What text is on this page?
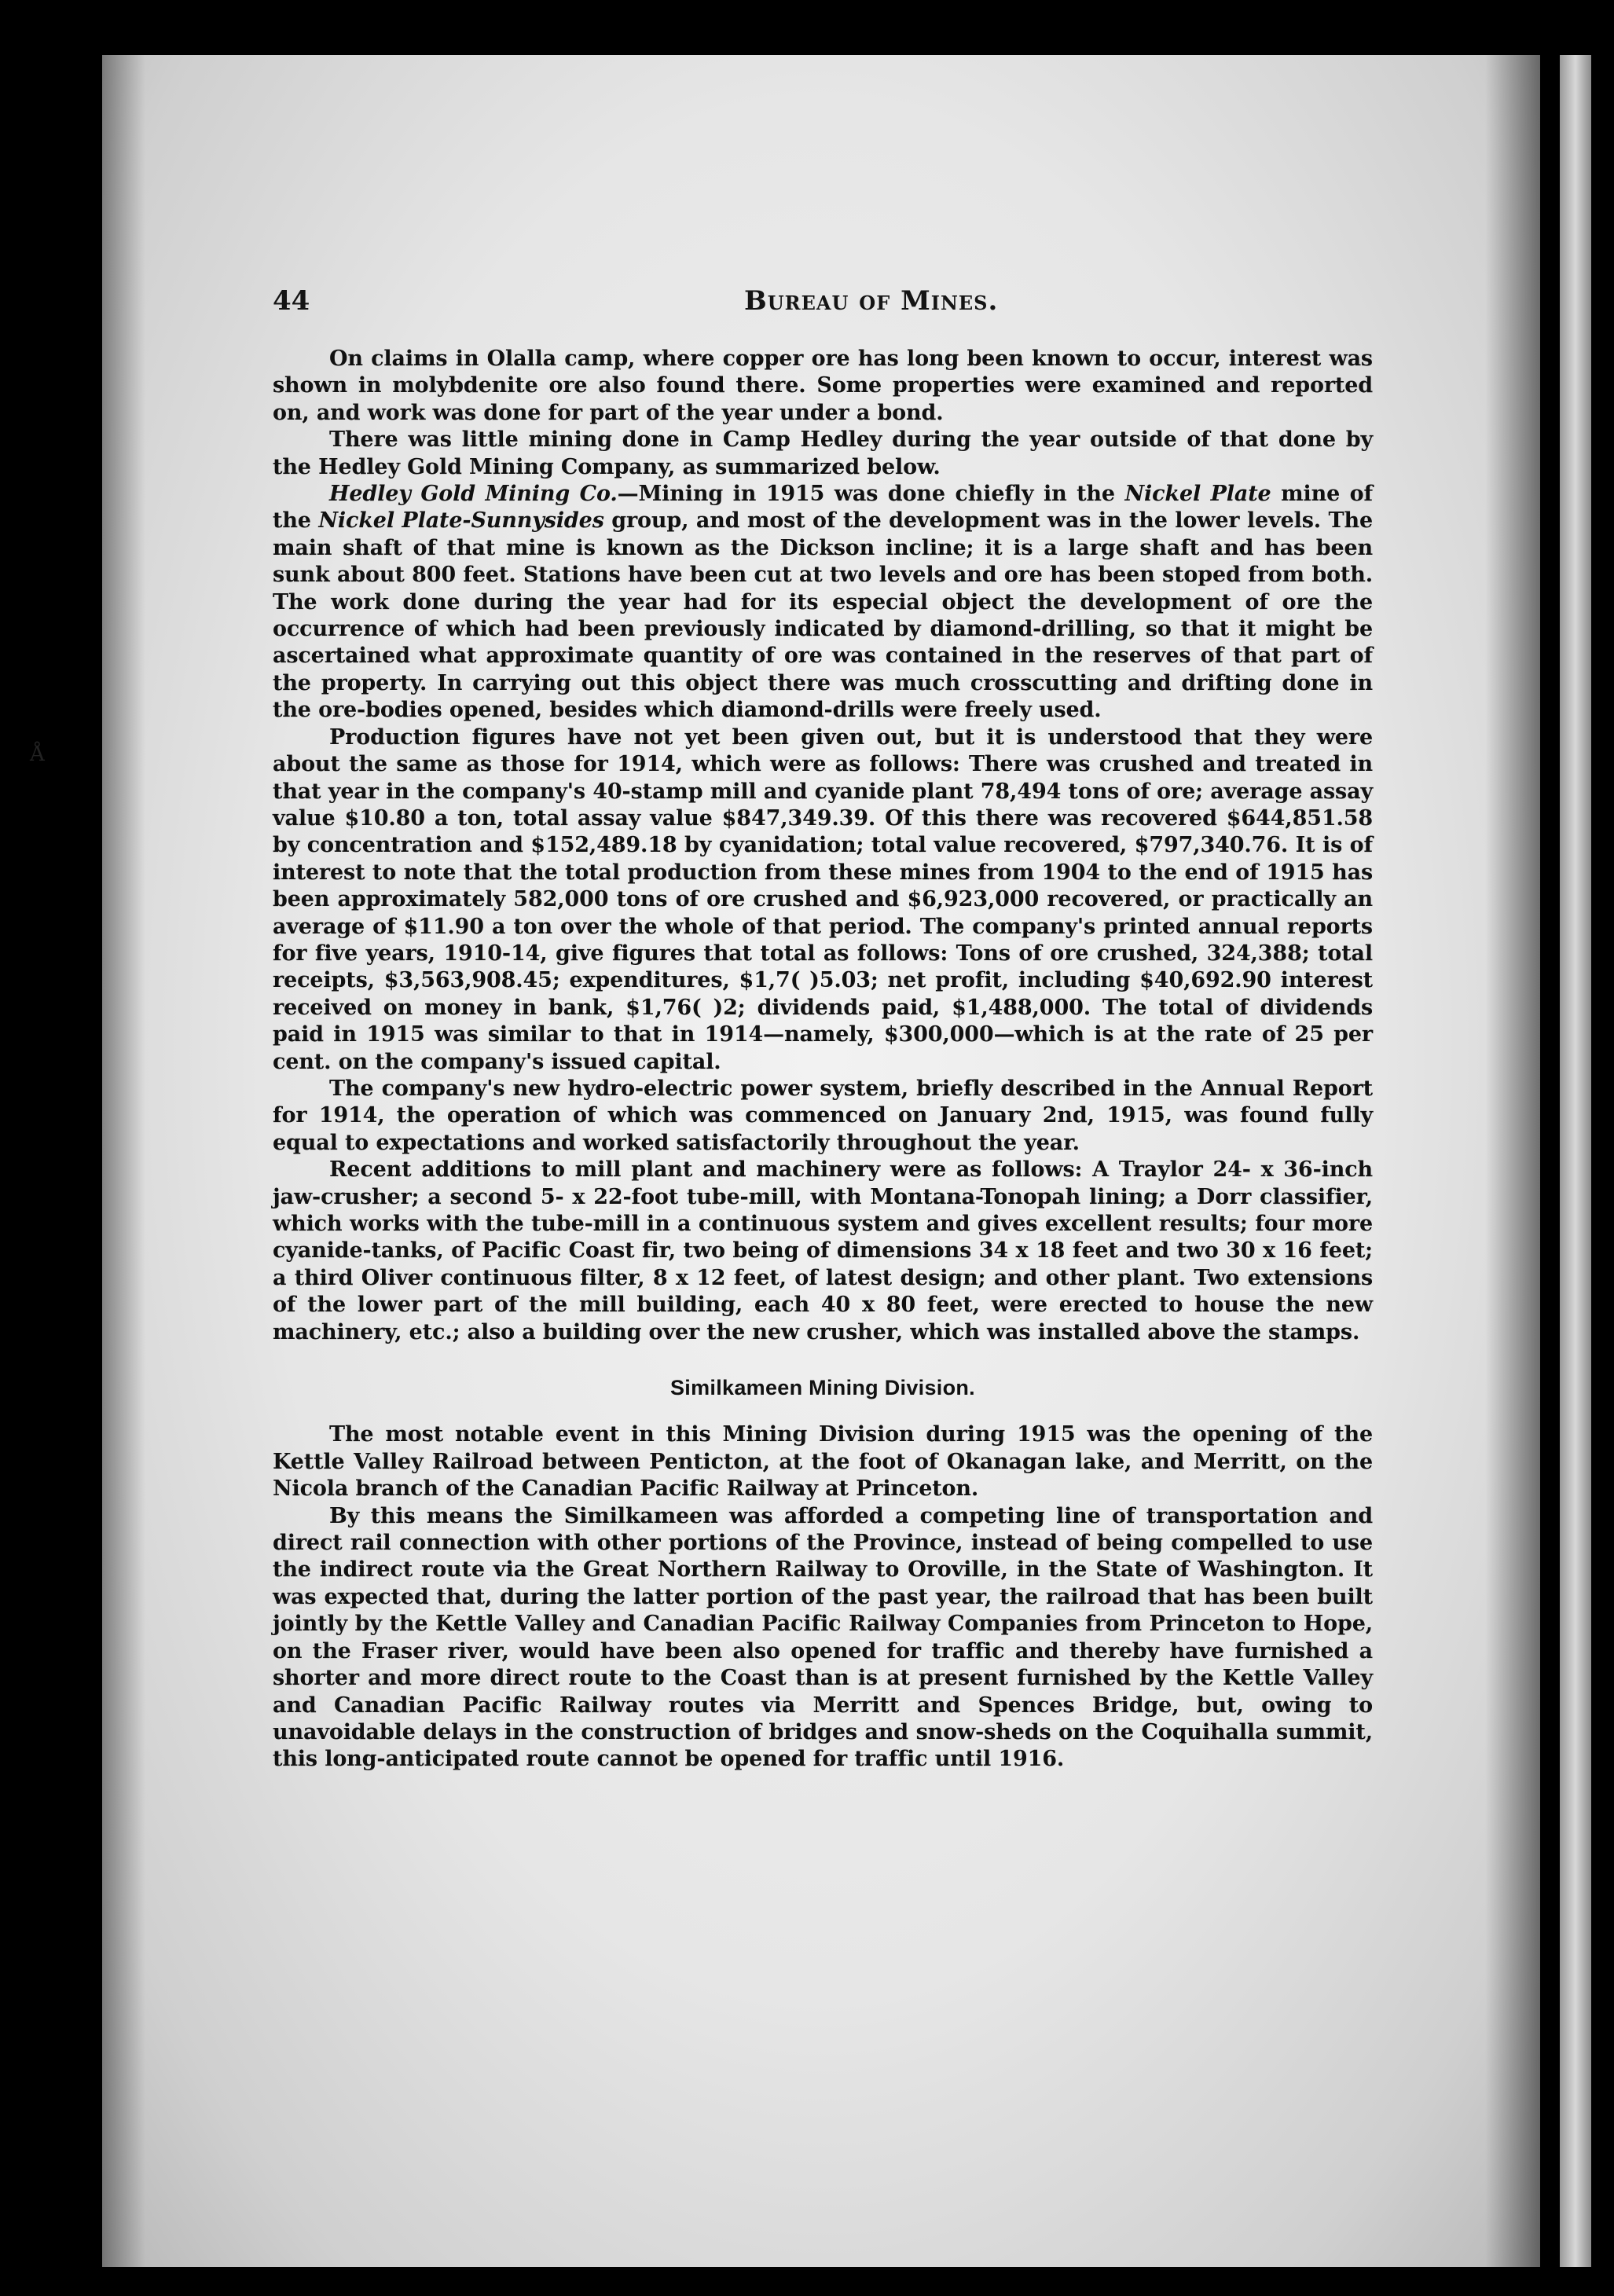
Å
44	Bureau of Mines.

On claims in Olalla camp, where copper ore has long been known to occur, interest was shown in molybdenite ore also found there. Some properties were examined and reported on, and work was done for part of the year under a bond.

There was little mining done in Camp Hedley during the year outside of that done by the Hedley Gold Mining Company, as summarized below.

Hedley Gold Mining Co.—Mining in 1915 was done chiefly in the Nickel Plate mine of the Nickel Plate-Sunnysides group, and most of the development was in the lower levels. The main shaft of that mine is known as the Dickson incline; it is a large shaft and has been sunk about 800 feet. Stations have been cut at two levels and ore has been stoped from both. The work done during the year had for its especial object the development of ore the occurrence of which had been previously indicated by diamond-drilling, so that it might be ascertained what approximate quantity of ore was contained in the reserves of that part of the property. In carrying out this object there was much crosscutting and drifting done in the ore-bodies opened, besides which diamond-drills were freely used.

Production figures have not yet been given out, but it is understood that they were about the same as those for 1914, which were as follows: There was crushed and treated in that year in the company's 40-stamp mill and cyanide plant 78,494 tons of ore; average assay value $10.80 a ton, total assay value $847,349.39. Of this there was recovered $644,851.58 by concentration and $152,489.18 by cyanidation; total value recovered, $797,340.76. It is of interest to note that the total production from these mines from 1904 to the end of 1915 has been approximately 582,000 tons of ore crushed and $6,923,000 recovered, or practically an average of $11.90 a ton over the whole of that period. The company's printed annual reports for five years, 1910-14, give figures that total as follows: Tons of ore crushed, 324,388; total receipts, $3,563,908.45; expenditures, $1,7( )5.03; net profit, including $40,692.90 interest received on money in bank, $1,76( )2; dividends paid, $1,488,000. The total of dividends paid in 1915 was similar to that in 1914—namely, $300,000—which is at the rate of 25 per cent. on the company's issued capital.

The company's new hydro-electric power system, briefly described in the Annual Report for 1914, the operation of which was commenced on January 2nd, 1915, was found fully equal to expectations and worked satisfactorily throughout the year.

Recent additions to mill plant and machinery were as follows: A Traylor 24- x 36-inch jaw-crusher; a second 5- x 22-foot tube-mill, with Montana-Tonopah lining; a Dorr classifier, which works with the tube-mill in a continuous system and gives excellent results; four more cyanide-tanks, of Pacific Coast fir, two being of dimensions 34 x 18 feet and two 30 x 16 feet; a third Oliver continuous filter, 8 x 12 feet, of latest design; and other plant. Two extensions of the lower part of the mill building, each 40 x 80 feet, were erected to house the new machinery, etc.; also a building over the new crusher, which was installed above the stamps.

Similkameen Mining Division.

The most notable event in this Mining Division during 1915 was the opening of the Kettle Valley Railroad between Penticton, at the foot of Okanagan lake, and Merritt, on the Nicola branch of the Canadian Pacific Railway at Princeton.

By this means the Similkameen was afforded a competing line of transportation and direct rail connection with other portions of the Province, instead of being compelled to use the indirect route via the Great Northern Railway to Oroville, in the State of Washington. It was expected that, during the latter portion of the past year, the railroad that has been built jointly by the Kettle Valley and Canadian Pacific Railway Companies from Princeton to Hope, on the Fraser river, would have been also opened for traffic and thereby have furnished a shorter and more direct route to the Coast than is at present furnished by the Kettle Valley and Canadian Pacific Railway routes via Merritt and Spences Bridge, but, owing to unavoidable delays in the construction of bridges and snow-sheds on the Coquihalla summit, this long-anticipated route cannot be opened for traffic until 1916.
